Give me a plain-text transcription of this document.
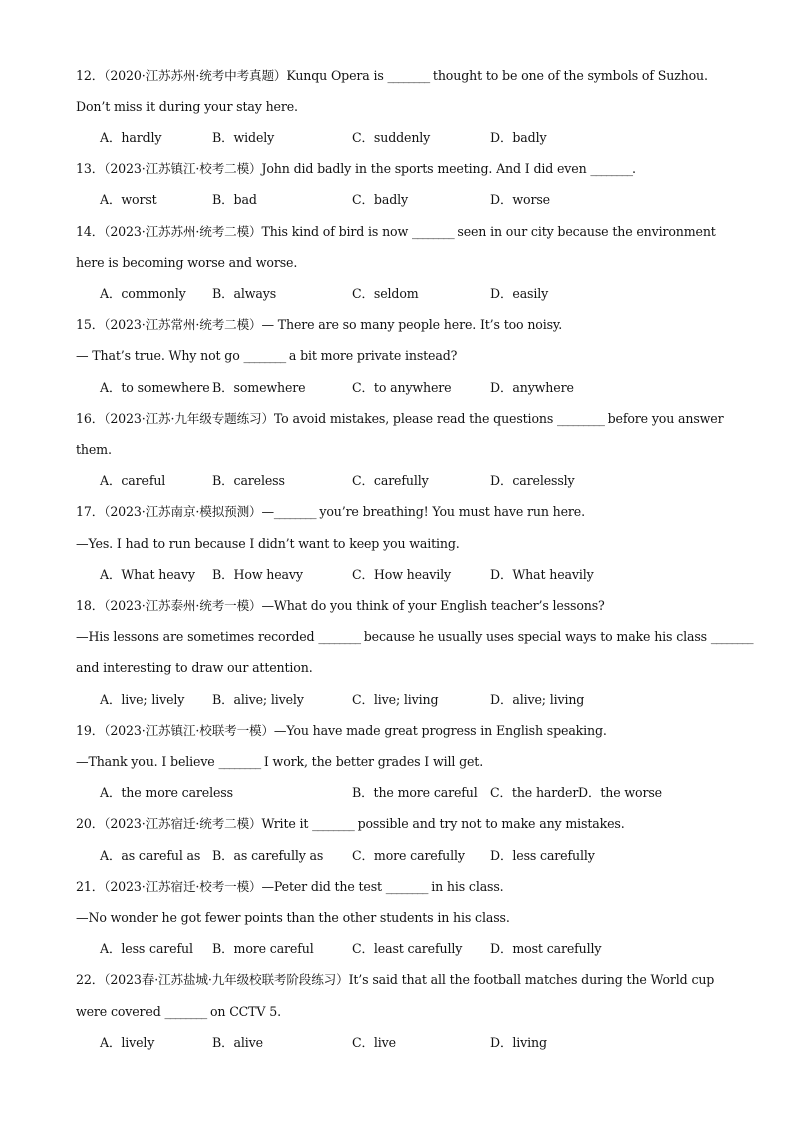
12．（2020·江苏苏州·统考中考真题）Kunqu Opera is ________ thought to be one of the symbols of Suzhou.
Don’t miss it during your stay here.
A．hardly	B．widely	C．suddenly	D．badly
13．（2023·江苏镇江·校考二模）John did badly in the sports meeting. And I did even ________.
A．worst	B．bad	C．badly	D．worse
14．（2023·江苏苏州·统考二模）This kind of bird is now ________ seen in our city because the environment
here is becoming worse and worse.
A．commonly B．always	C．seldom	D．easily
15．（2023·江苏常州·统考二模）— There are so many people here. It’s too noisy.
— That’s true. Why not go ________ a bit more private instead?
A．to somewhere B．somewhere	C．to anywhere	D．anywhere
16．（2023·江苏·九年级专题练习）To avoid mistakes, please read the questions _________ before you answer
them.
A．careful	B．careless	C．carefully	D．carelessly
17．（2023·江苏南京·模拟预测）—________ you’re breathing! You must have run here.
—Yes. I had to run because I didn’t want to keep you waiting.
A．What heavy B．How heavy	C．How heavily	D．What heavily
18．（2023·江苏泰州·统考一模）—What do you think of your English teacher’s lessons?
—His lessons are sometimes recorded ________ because he usually uses special ways to make his class ________
and interesting to draw our attention.
A．live; lively B．alive; lively	C．live; living	D．alive; living
19．（2023·江苏镇江·校联考一模）—You have made great progress in English speaking.
—Thank you. I believe ________ I work, the better grades I will get.
A．the more careless	B．the more careful C．the harder D．the worse
20．（2023·江苏宿迁·统考二模）Write it ________ possible and try not to make any mistakes.
A．as careful as B．as carefully as C．more carefully D．less carefully
21．（2023·江苏宿迁·校考一模）—Peter did the test ________ in his class.
—No wonder he got fewer points than the other students in his class.
A．less careful B．more careful	C．least carefully D．most carefully
22．（2023春·江苏盐城·九年级校联考阶段练习）It’s said that all the football matches during the World cup
were covered ________ on CCTV 5.
A．lively	B．alive	C．live	D．living
